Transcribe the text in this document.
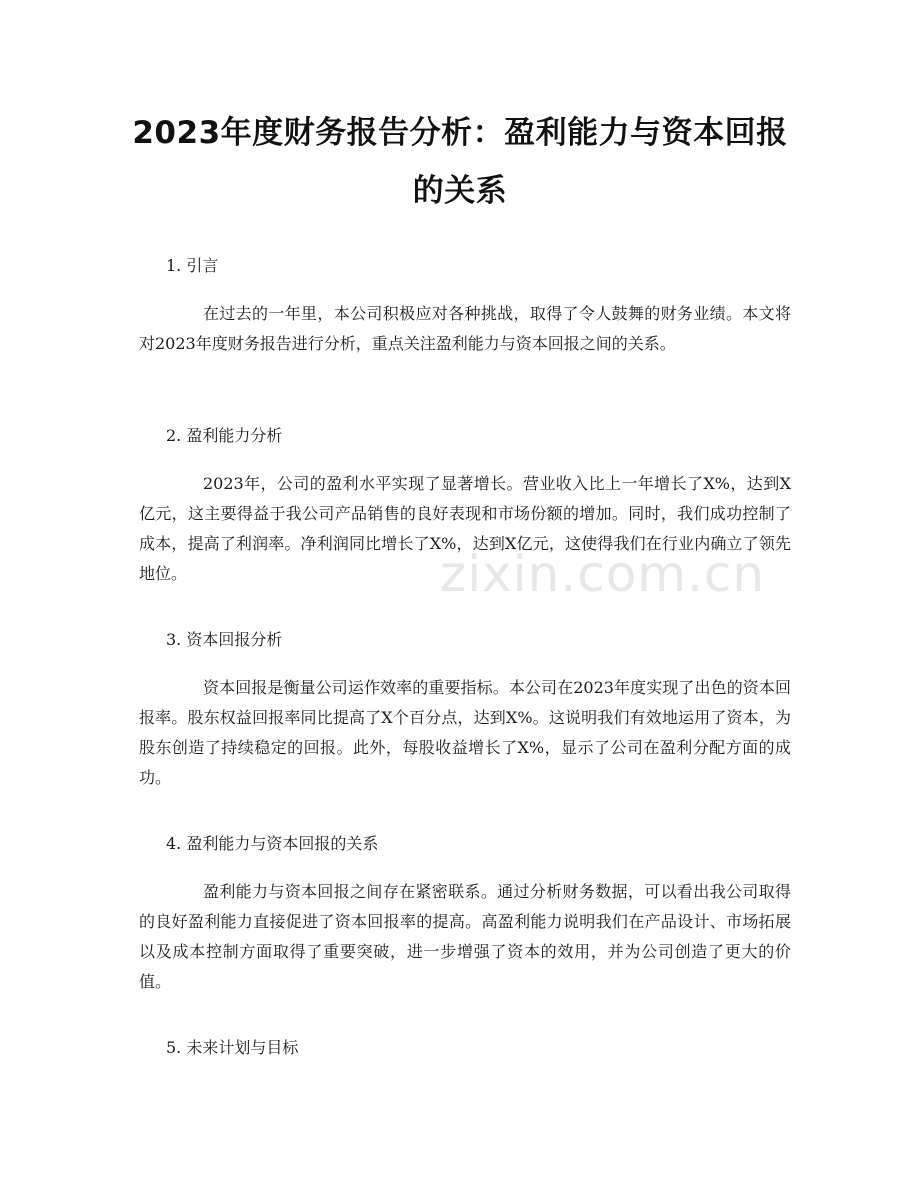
2023年度财务报告分析：盈利能力与资本回报的关系
1. 引言
在过去的一年里，本公司积极应对各种挑战，取得了令人鼓舞的财务业绩。本文将对2023年度财务报告进行分析，重点关注盈利能力与资本回报之间的关系。
2. 盈利能力分析
2023年，公司的盈利水平实现了显著增长。营业收入比上一年增长了X%，达到X亿元，这主要得益于我公司产品销售的良好表现和市场份额的增加。同时，我们成功控制了成本，提高了利润率。净利润同比增长了X%，达到X亿元，这使得我们在行业内确立了领先地位。
3. 资本回报分析
资本回报是衡量公司运作效率的重要指标。本公司在2023年度实现了出色的资本回报率。股东权益回报率同比提高了X个百分点，达到X%。这说明我们有效地运用了资本，为股东创造了持续稳定的回报。此外，每股收益增长了X%，显示了公司在盈利分配方面的成功。
4. 盈利能力与资本回报的关系
盈利能力与资本回报之间存在紧密联系。通过分析财务数据，可以看出我公司取得的良好盈利能力直接促进了资本回报率的提高。高盈利能力说明我们在产品设计、市场拓展以及成本控制方面取得了重要突破，进一步增强了资本的效用，并为公司创造了更大的价值。
5. 未来计划与目标
zixin.com.cn
